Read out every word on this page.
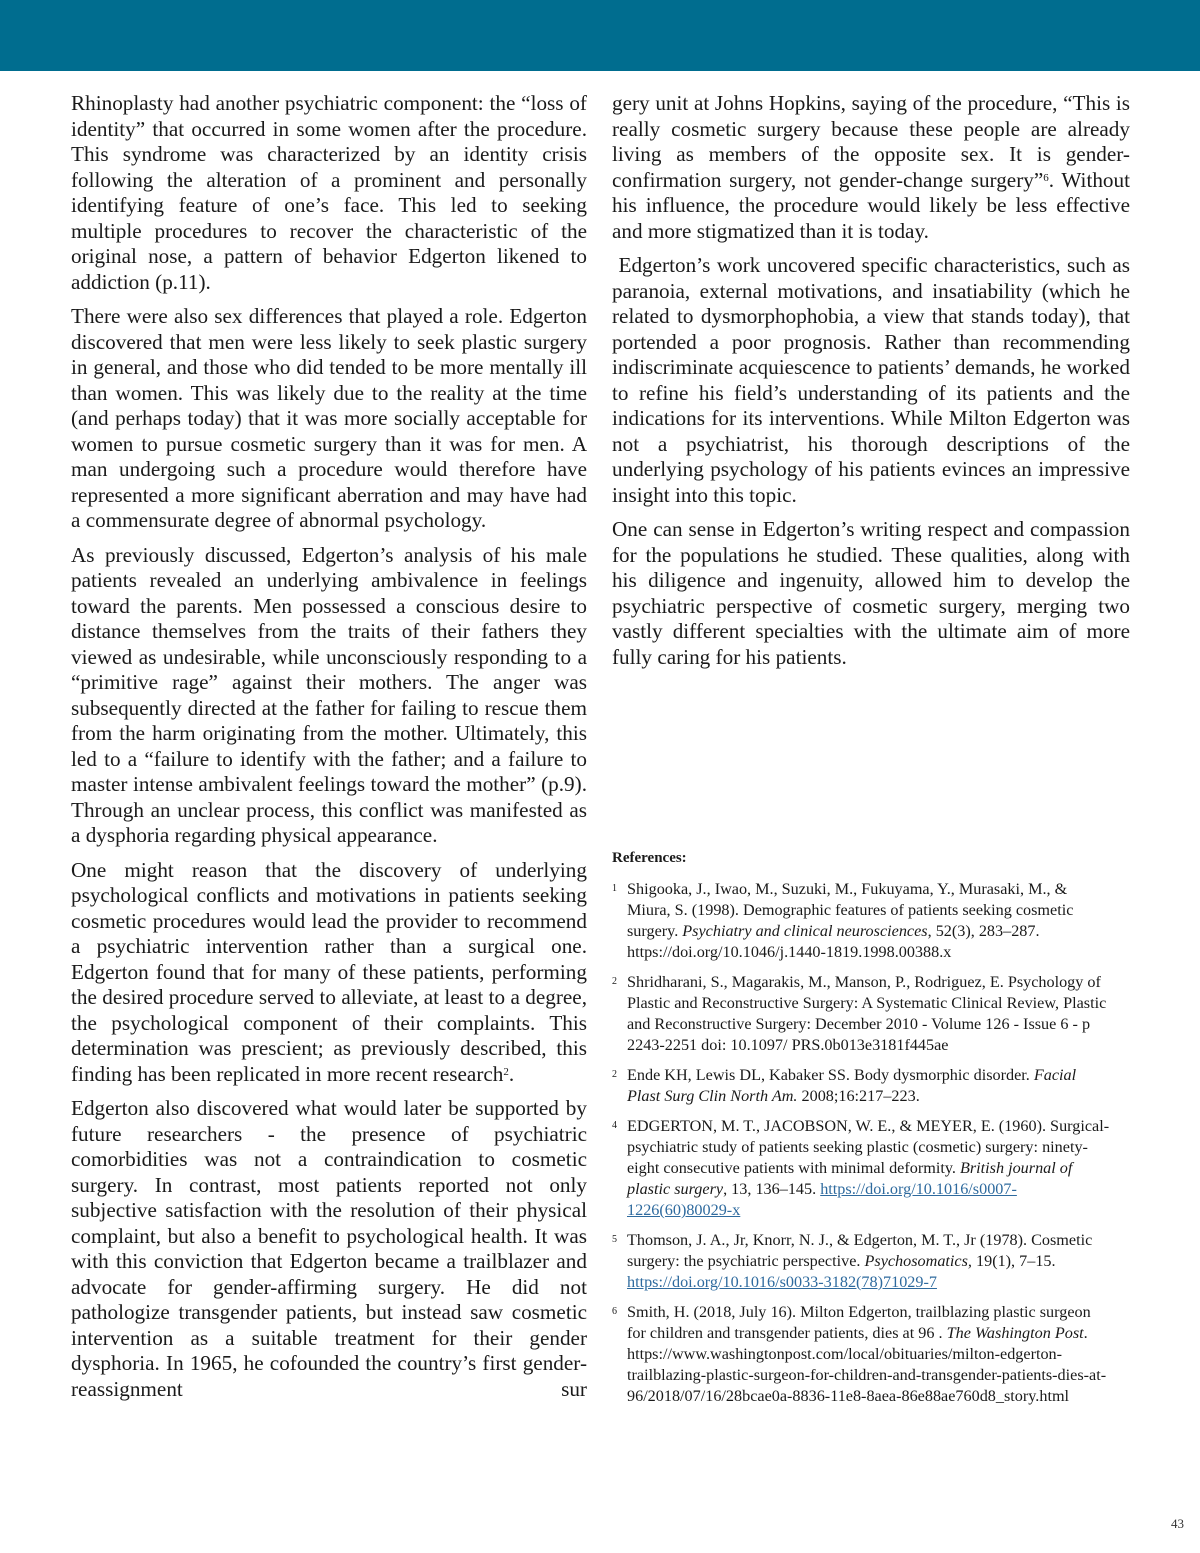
Rhinoplasty had another psychiatric component: the “loss of identity” that occurred in some women after the procedure. This syndrome was characterized by an identity crisis following the alteration of a prominent and personally identifying feature of one’s face. This led to seeking multiple procedures to recover the characteristic of the original nose, a pattern of behavior Edgerton likened to addiction (p.11).

There were also sex differences that played a role. Edgerton discovered that men were less likely to seek plastic surgery in general, and those who did tended to be more mentally ill than women. This was likely due to the reality at the time (and perhaps today) that it was more socially acceptable for women to pursue cosmetic surgery than it was for men. A man undergoing such a procedure would therefore have represented a more significant aberration and may have had a commensurate degree of abnormal psychology.

As previously discussed, Edgerton’s analysis of his male patients revealed an underlying ambivalence in feelings toward the parents. Men possessed a conscious desire to distance themselves from the traits of their fathers they viewed as undesirable, while unconsciously responding to a “primitive rage” against their mothers. The anger was subsequently directed at the father for failing to rescue them from the harm originating from the mother. Ultimately, this led to a “failure to identify with the father; and a failure to master intense ambivalent feelings toward the mother” (p.9). Through an unclear process, this conflict was manifested as a dysphoria regarding physical appearance.

One might reason that the discovery of underlying psychological conflicts and motivations in patients seeking cosmetic procedures would lead the provider to recommend a psychiatric intervention rather than a surgical one. Edgerton found that for many of these patients, performing the desired procedure served to alleviate, at least to a degree, the psychological component of their complaints. This determination was prescient; as previously described, this finding has been replicated in more recent research$^2$.

Edgerton also discovered what would later be supported by future researchers - the presence of psychiatric comorbidities was not a contraindication to cosmetic surgery. In contrast, most patients reported not only subjective satisfaction with the resolution of their physical complaint, but also a benefit to psychological health. It was with this conviction that Edgerton became a trailblazer and advocate for gender-affirming surgery. He did not pathologize transgender patients, but instead saw cosmetic intervention as a suitable treatment for their gender dysphoria. In 1965, he cofounded the country’s first gender-reassignment sur

gery unit at Johns Hopkins, saying of the procedure, “This is really cosmetic surgery because these people are already living as members of the opposite sex. It is gender-confirmation surgery, not gender-change surgery”$^6$. Without his influence, the procedure would likely be less effective and more stigmatized than it is today.

Edgerton’s work uncovered specific characteristics, such as paranoia, external motivations, and insatiability (which he related to dysmorphophobia, a view that stands today), that portended a poor prognosis. Rather than recommending indiscriminate acquiescence to patients’ demands, he worked to refine his field’s understanding of its patients and the indications for its interventions. While Milton Edgerton was not a psychiatrist, his thorough descriptions of the underlying psychology of his patients evinces an impressive insight into this topic.

One can sense in Edgerton’s writing respect and compassion for the populations he studied. These qualities, along with his diligence and ingenuity, allowed him to develop the psychiatric perspective of cosmetic surgery, merging two vastly different specialties with the ultimate aim of more fully caring for his patients.

References:
1 Shigooka, J., Iwao, M., Suzuki, M., Fukuyama, Y., Murasaki, M., & Miura, S. (1998). Demographic features of patients seeking cosmetic surgery. Psychiatry and clinical neurosciences, 52(3), 283–287. https://doi.org/10.1046/j.1440-1819.1998.00388.x
2 Shridharani, S., Magarakis, M., Manson, P., Rodriguez, E. Psychology of Plastic and Reconstructive Surgery: A Systematic Clinical Review, Plastic and Reconstructive Surgery: December 2010 - Volume 126 - Issue 6 - p 2243-2251 doi: 10.1097/ PRS.0b013e3181f445ae
2 Ende KH, Lewis DL, Kabaker SS. Body dysmorphic disorder. Facial Plast Surg Clin North Am. 2008;16:217–223.
4 EDGERTON, M. T., JACOBSON, W. E., & MEYER, E. (1960). Surgical-psychiatric study of patients seeking plastic (cosmetic) surgery: ninety-eight consecutive patients with minimal deformity. British journal of plastic surgery, 13, 136–145. https://doi.org/10.1016/s0007-1226(60)80029-x
5 Thomson, J. A., Jr, Knorr, N. J., & Edgerton, M. T., Jr (1978). Cosmetic surgery: the psychiatric perspective. Psychosomatics, 19(1), 7–15. https://doi.org/10.1016/s0033-3182(78)71029-7
6 Smith, H. (2018, July 16). Milton Edgerton, trailblazing plastic surgeon for children and transgender patients, dies at 96 . The Washington Post. https://www.washingtonpost.com/local/obituaries/milton-edgerton-trailblazing-plastic-surgeon-for-children-and-transgender-patients-dies-at-96/2018/07/16/28bcae0a-8836-11e8-8aea-86e88ae760d8_story.html
43
